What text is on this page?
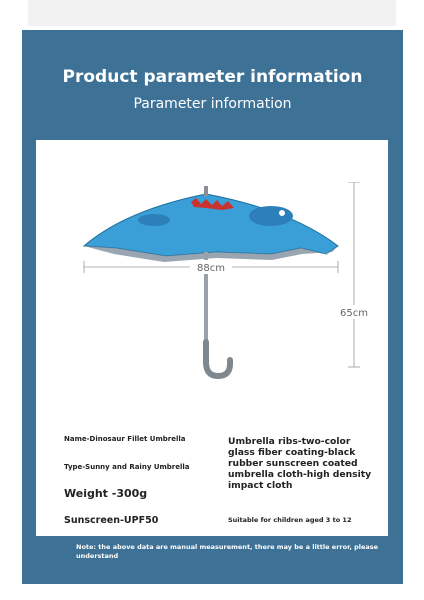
Product parameter information
Parameter information
88cm
65cm
Name-Dinosaur Fillet Umbrella
Type-Sunny and Rainy Umbrella
Weight -300g
Sunscreen-UPF50
Umbrella ribs-two-color glass fiber coating-black rubber sunscreen coated umbrella cloth-high density impact cloth
Suitable for children aged 3 to 12
Note: the above data are manual measurement, there may be a little error, please understand
